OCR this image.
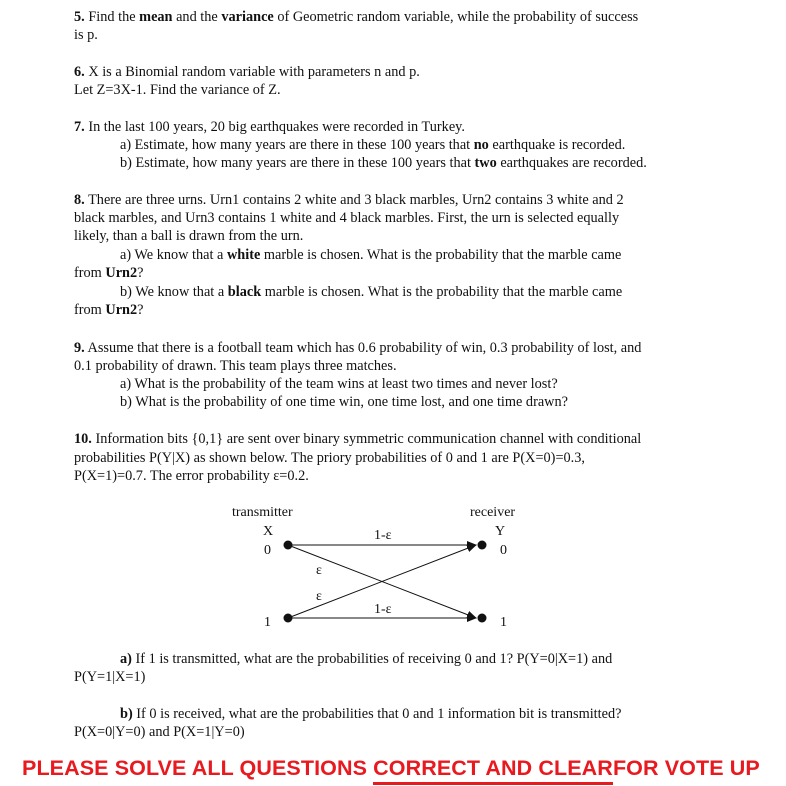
5. Find the mean and the variance of Geometric random variable, while the probability of success
is p.
6. X is a Binomial random variable with parameters n and p.
Let Z=3X-1. Find the variance of Z.
7. In the last 100 years, 20 big earthquakes were recorded in Turkey.
a) Estimate, how many years are there in these 100 years that no earthquake is recorded.
b) Estimate, how many years are there in these 100 years that two earthquakes are recorded.
8. There are three urns. Urn1 contains 2 white and 3 black marbles, Urn2 contains 3 white and 2
black marbles, and Urn3 contains 1 white and 4 black marbles. First, the urn is selected equally
likely, than a ball is drawn from the urn.
a) We know that a white marble is chosen. What is the probability that the marble came
from Urn2?
b) We know that a black marble is chosen. What is the probability that the marble came
from Urn2?
9. Assume that there is a football team which has 0.6 probability of win, 0.3 probability of lost, and
0.1 probability of drawn. This team plays three matches.
a) What is the probability of the team wins at least two times and never lost?
b) What is the probability of one time win, one time lost, and one time drawn?
10. Information bits {0,1} are sent over binary symmetric communication channel with conditional
probabilities P(Y|X) as shown below. The priory probabilities of 0 and 1 are P(X=0)=0.3,
P(X=1)=0.7. The error probability ε=0.2.
transmitter	receiver
X	Y
0
1
0
1
1-ε
1-ε
ε
ε
a) If 1 is transmitted, what are the probabilities of receiving 0 and 1? P(Y=0|X=1) and
P(Y=1|X=1)
b) If 0 is received, what are the probabilities that 0 and 1 information bit is transmitted?
P(X=0|Y=0) and P(X=1|Y=0)
PLEASE SOLVE ALL QUESTIONS CORRECT AND CLEARFOR VOTE UP
